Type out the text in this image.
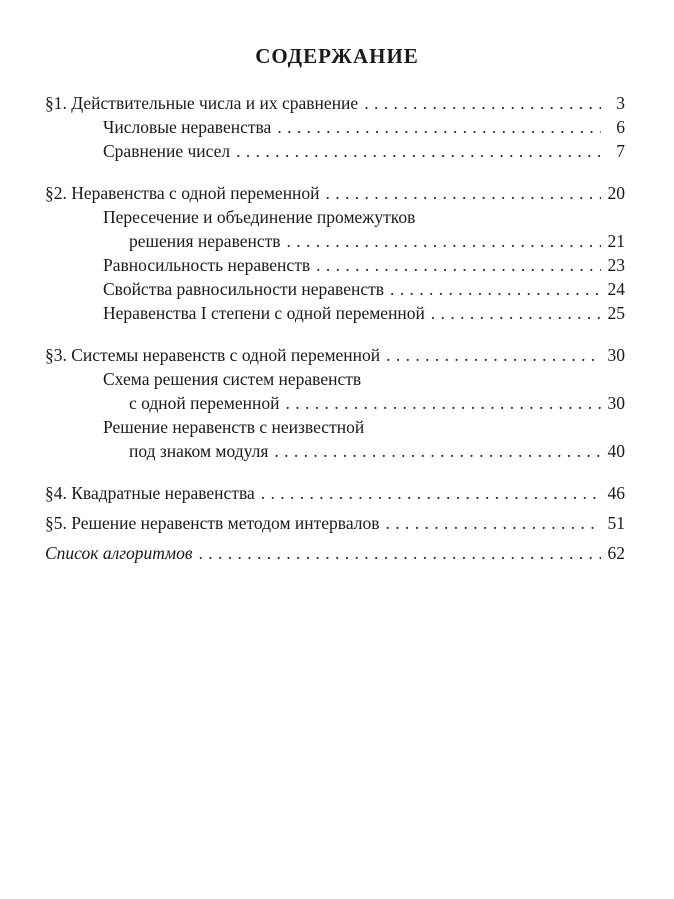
СОДЕРЖАНИЕ
§1. Действительные числа и их сравнение . . .	3
Числовые неравенства . . .	6
Сравнение чисел . . .	7
§2. Неравенства с одной переменной . . .	20
Пересечение и объединение промежутков
решения неравенств . . .	21
Равносильность неравенств . . .	23
Свойства равносильности неравенств . . .	24
Неравенства I степени с одной переменной . . .	25
§3. Системы неравенств с одной переменной . . .	30
Схема решения систем неравенств
с одной переменной . . .	30
Решение неравенств с неизвестной
под знаком модуля . . .	40
§4. Квадратные неравенства . . .	46
§5. Решение неравенств методом интервалов . . .	51
Список алгоритмов . . .	62
